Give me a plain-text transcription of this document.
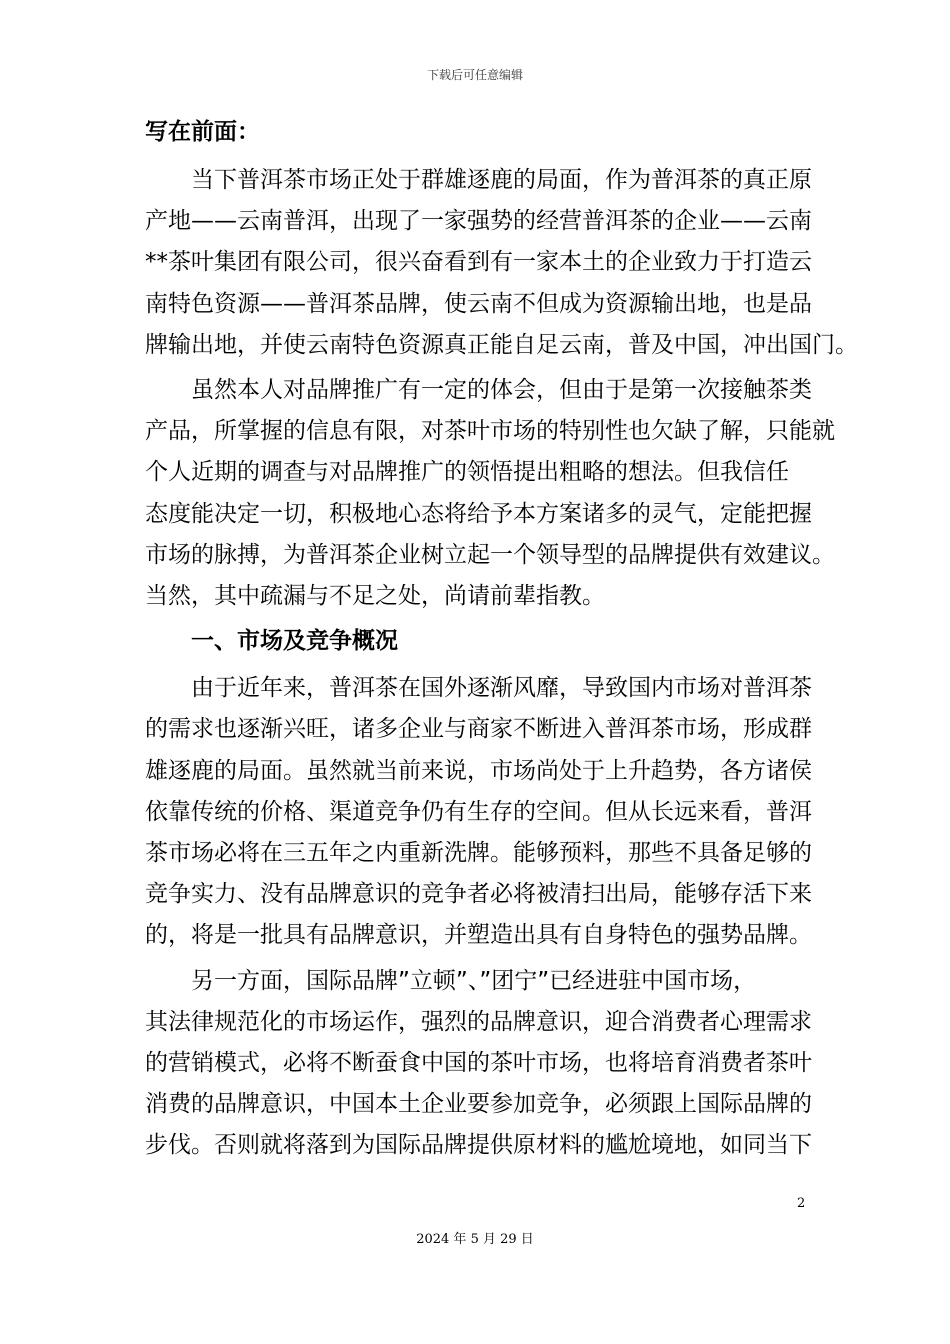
下载后可任意编辑
写在前面：
当下普洱茶市场正处于群雄逐鹿的局面，作为普洱茶的真正原
产地——云南普洱，出现了一家强势的经营普洱茶的企业——云南
**茶叶集团有限公司，很兴奋看到有一家本土的企业致力于打造云
南特色资源——普洱茶品牌，使云南不但成为资源输出地，也是品
牌输出地，并使云南特色资源真正能自足云南，普及中国，冲出国门。
虽然本人对品牌推广有一定的体会，但由于是第一次接触茶类
产品，所掌握的信息有限，对茶叶市场的特别性也欠缺了解，只能就
个人近期的调查与对品牌推广的领悟提出粗略的想法。但我信任
态度能决定一切，积极地心态将给予本方案诸多的灵气，定能把握
市场的脉搏，为普洱茶企业树立起一个领导型的品牌提供有效建议。
当然，其中疏漏与不足之处，尚请前辈指教。
一、市场及竞争概况
由于近年来，普洱茶在国外逐渐风靡，导致国内市场对普洱茶
的需求也逐渐兴旺，诸多企业与商家不断进入普洱茶市场，形成群
雄逐鹿的局面。虽然就当前来说，市场尚处于上升趋势，各方诸侯
依靠传统的价格、渠道竞争仍有生存的空间。但从长远来看，普洱
茶市场必将在三五年之内重新洗牌。能够预料，那些不具备足够的
竞争实力、没有品牌意识的竞争者必将被清扫出局，能够存活下来
的，将是一批具有品牌意识，并塑造出具有自身特色的强势品牌。
另一方面，国际品牌”立顿”、”团宁”已经进驻中国市场，
其法律规范化的市场运作，强烈的品牌意识，迎合消费者心理需求
的营销模式，必将不断蚕食中国的茶叶市场，也将培育消费者茶叶
消费的品牌意识，中国本土企业要参加竞争，必须跟上国际品牌的
步伐。否则就将落到为国际品牌提供原材料的尴尬境地，如同当下
2
2024 年 5 月 29 日
